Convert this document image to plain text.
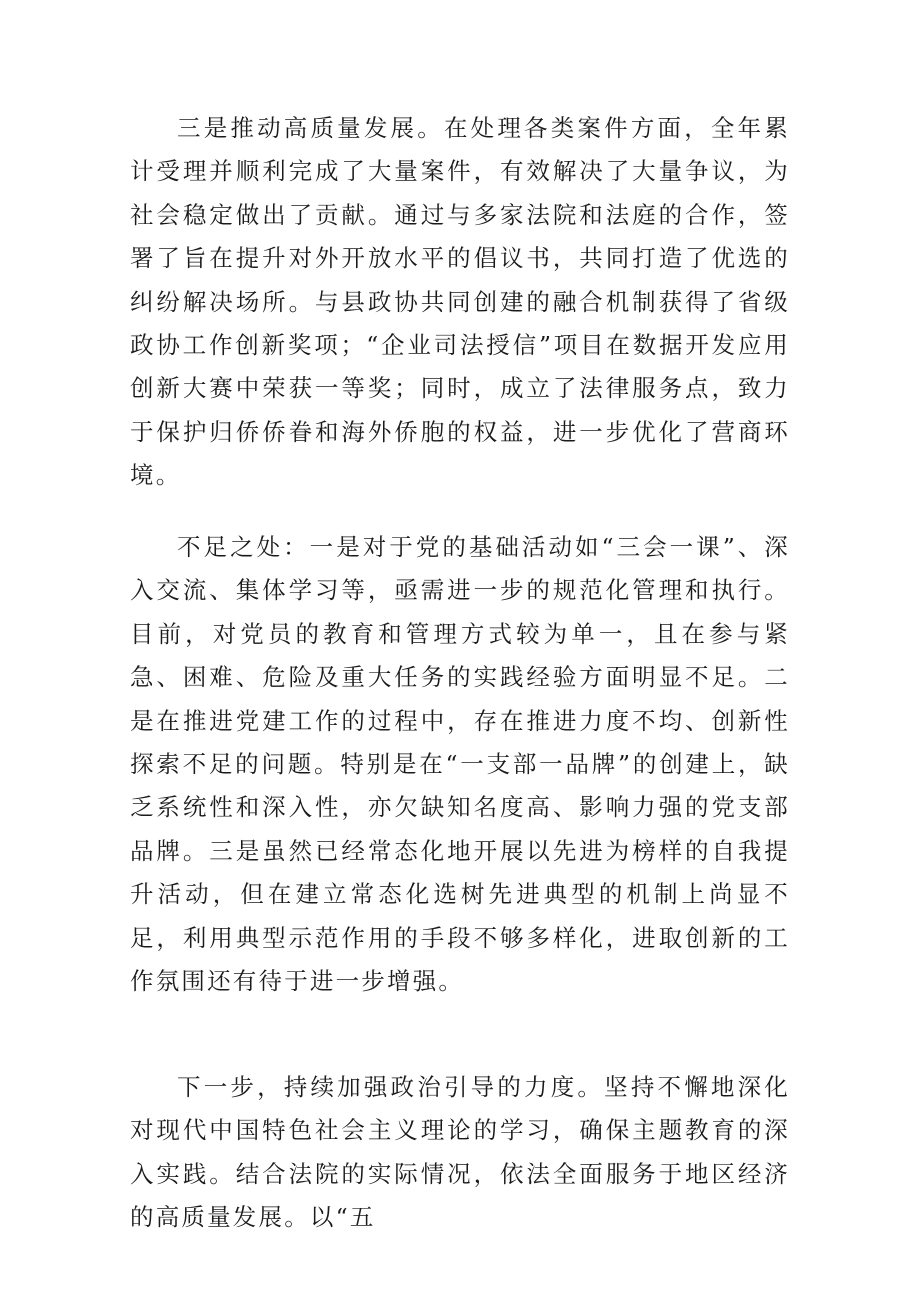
三是推动高质量发展。在处理各类案件方面，全年累计受理并顺利完成了大量案件，有效解决了大量争议，为社会稳定做出了贡献。通过与多家法院和法庭的合作，签署了旨在提升对外开放水平的倡议书，共同打造了优选的纠纷解决场所。与县政协共同创建的融合机制获得了省级政协工作创新奖项；“企业司法授信”项目在数据开发应用创新大赛中荣获一等奖；同时，成立了法律服务点，致力于保护归侨侨眷和海外侨胞的权益，进一步优化了营商环境。

不足之处：一是对于党的基础活动如“三会一课”、深入交流、集体学习等，亟需进一步的规范化管理和执行。目前，对党员的教育和管理方式较为单一，且在参与紧急、困难、危险及重大任务的实践经验方面明显不足。二是在推进党建工作的过程中，存在推进力度不均、创新性探索不足的问题。特别是在“一支部一品牌”的创建上，缺乏系统性和深入性，亦欠缺知名度高、影响力强的党支部品牌。三是虽然已经常态化地开展以先进为榜样的自我提升活动，但在建立常态化选树先进典型的机制上尚显不足，利用典型示范作用的手段不够多样化，进取创新的工作氛围还有待于进一步增强。

下一步，持续加强政治引导的力度。坚持不懈地深化对现代中国特色社会主义理论的学习，确保主题教育的深入实践。结合法院的实际情况，依法全面服务于地区经济的高质量发展。以“五
